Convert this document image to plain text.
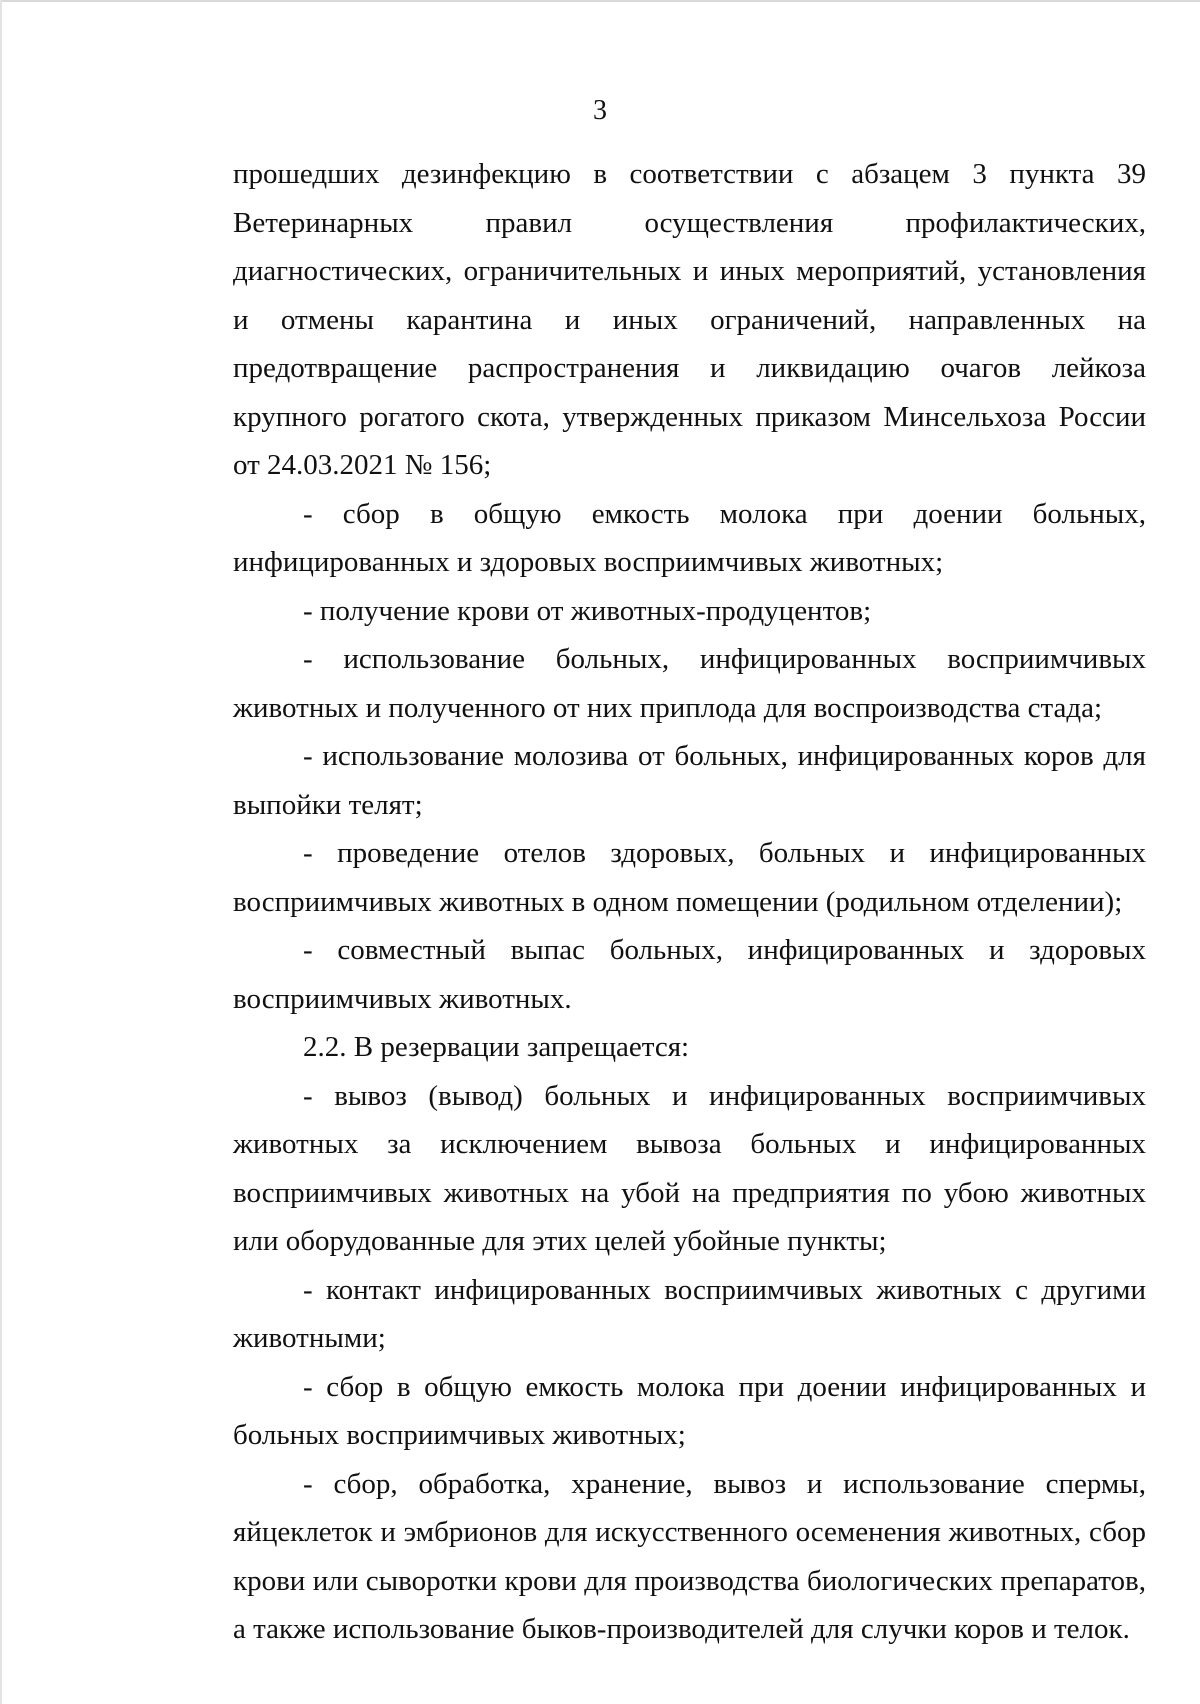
3

прошедших дезинфекцию в соответствии с абзацем 3 пункта 39 Ветеринарных правил осуществления профилактических, диагностических, ограничительных и иных мероприятий, установления и отмены карантина и иных ограничений, направленных на предотвращение распространения и ликвидацию очагов лейкоза крупного рогатого скота, утвержденных приказом Минсельхоза России от 24.03.2021 № 156;

- сбор в общую емкость молока при доении больных, инфицированных и здоровых восприимчивых животных;

- получение крови от животных-продуцентов;

- использование больных, инфицированных восприимчивых животных и полученного от них приплода для воспроизводства стада;

- использование молозива от больных, инфицированных коров для выпойки телят;

- проведение отелов здоровых, больных и инфицированных восприимчивых животных в одном помещении (родильном отделении);

- совместный выпас больных, инфицированных и здоровых восприимчивых животных.

2.2. В резервации запрещается:

- вывоз (вывод) больных и инфицированных восприимчивых животных за исключением вывоза больных и инфицированных восприимчивых животных на убой на предприятия по убою животных или оборудованные для этих целей убойные пункты;

- контакт инфицированных восприимчивых животных с другими животными;

- сбор в общую емкость молока при доении инфицированных и больных восприимчивых животных;

- сбор, обработка, хранение, вывоз и использование спермы, яйцеклеток и эмбрионов для искусственного осеменения животных, сбор крови или сыворотки крови для производства биологических препаратов, а также использование быков-производителей для случки коров и телок.
